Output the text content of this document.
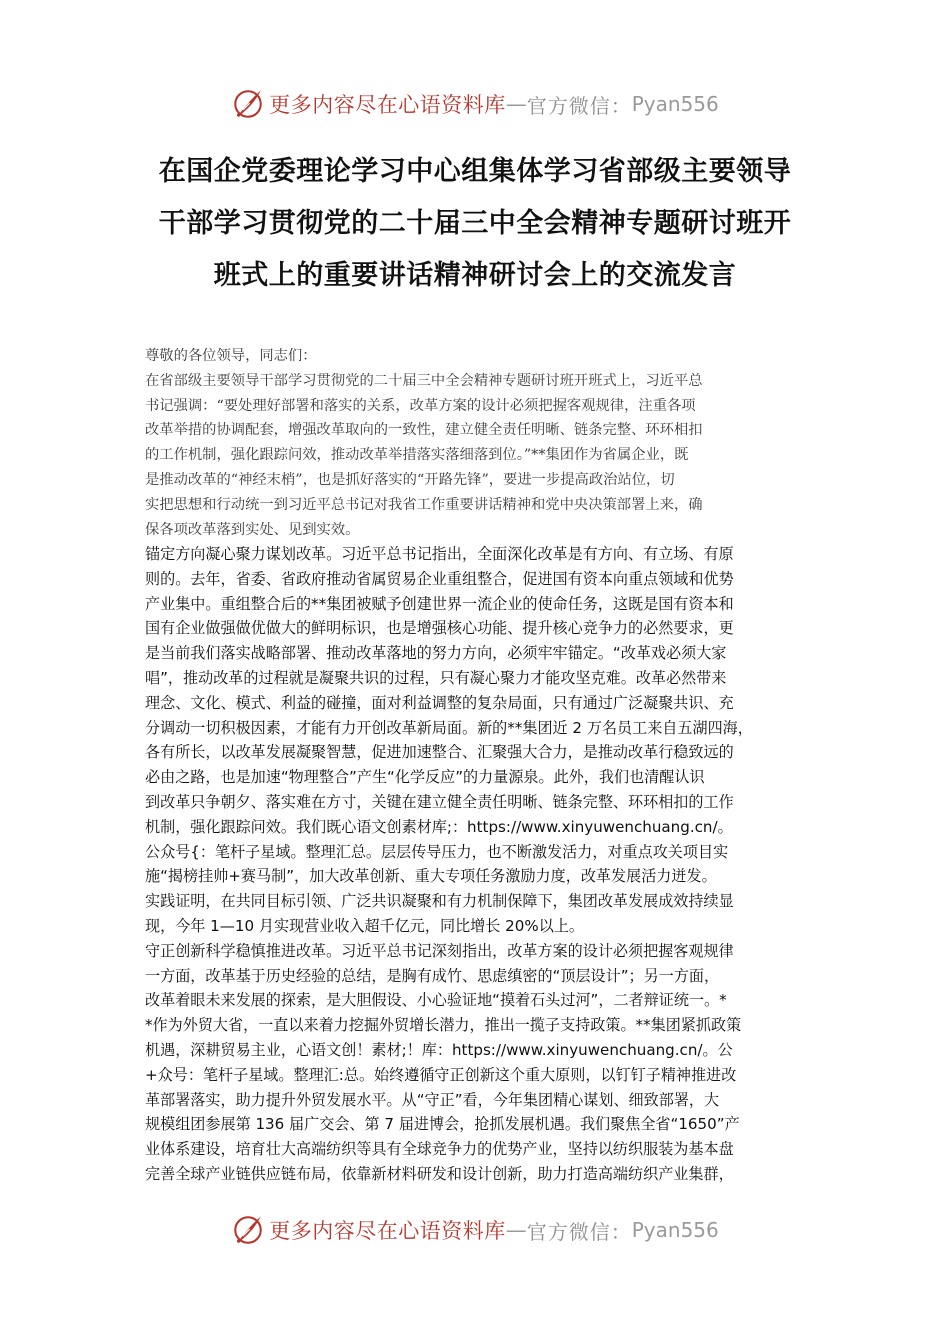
更多内容尽在心语资料库 — 官方微信： Pyan556
在国企党委理论学习中心组集体学习省部级主要领导
干部学习贯彻党的二十届三中全会精神专题研讨班开
班式上的重要讲话精神研讨会上的交流发言
尊敬的各位领导，同志们：
在省部级主要领导干部学习贯彻党的二十届三中全会精神专题研讨班开班式上，习近平总
书记强调：“要处理好部署和落实的关系，改革方案的设计必须把握客观规律，注重各项
改革举措的协调配套，增强改革取向的一致性，建立健全责任明晰、链条完整、环环相扣
的工作机制，强化跟踪问效，推动改革举措落实落细落到位。”**集团作为省属企业，既
是推动改革的“神经末梢”，也是抓好落实的“开路先锋”，要进一步提高政治站位，切
实把思想和行动统一到习近平总书记对我省工作重要讲话精神和党中央决策部署上来，确
保各项改革落到实处、见到实效。
锚定方向凝心聚力谋划改革。习近平总书记指出，全面深化改革是有方向、有立场、有原
则的。去年，省委、省政府推动省属贸易企业重组整合，促进国有资本向重点领域和优势
产业集中。重组整合后的**集团被赋予创建世界一流企业的使命任务，这既是国有资本和
国有企业做强做优做大的鲜明标识，也是增强核心功能、提升核心竞争力的必然要求，更
是当前我们落实战略部署、推动改革落地的努力方向，必须牢牢锚定。“改革戏必须大家
唱”，推动改革的过程就是凝聚共识的过程，只有凝心聚力才能攻坚克难。改革必然带来
理念、文化、模式、利益的碰撞，面对利益调整的复杂局面，只有通过广泛凝聚共识、充
分调动一切积极因素，才能有力开创改革新局面。新的**集团近 2 万名员工来自五湖四海，
各有所长，以改革发展凝聚智慧，促进加速整合、汇聚强大合力，是推动改革行稳致远的
必由之路，也是加速“物理整合”产生“化学反应”的力量源泉。此外，我们也清醒认识
到改革只争朝夕、落实难在方寸，关键在建立健全责任明晰、链条完整、环环相扣的工作
机制，强化跟踪问效。我们既心语文创素材库;：https://www.xinyuwenchuang.cn/。
公众号{：笔杆子星域。整理汇总。层层传导压力，也不断激发活力，对重点攻关项目实
施“揭榜挂帅+赛马制”，加大改革创新、重大专项任务激励力度，改革发展活力迸发。
实践证明，在共同目标引领、广泛共识凝聚和有力机制保障下，集团改革发展成效持续显
现，今年 1—10 月实现营业收入超千亿元，同比增长 20%以上。
守正创新科学稳慎推进改革。习近平总书记深刻指出，改革方案的设计必须把握客观规律
一方面，改革基于历史经验的总结，是胸有成竹、思虑缜密的“顶层设计”；另一方面，
改革着眼未来发展的探索，是大胆假设、小心验证地“摸着石头过河”，二者辩证统一。*
*作为外贸大省，一直以来着力挖掘外贸增长潜力，推出一揽子支持政策。**集团紧抓政策
机遇，深耕贸易主业，心语文创！素材;！库：https://www.xinyuwenchuang.cn/。公
+众号：笔杆子星域。整理汇:总。始终遵循守正创新这个重大原则，以钉钉子精神推进改
革部署落实，助力提升外贸发展水平。从“守正”看，今年集团精心谋划、细致部署，大
规模组团参展第 136 届广交会、第 7 届进博会，抢抓发展机遇。我们聚焦全省“1650”产
业体系建设，培育壮大高端纺织等具有全球竞争力的优势产业，坚持以纺织服装为基本盘
完善全球产业链供应链布局，依靠新材料研发和设计创新，助力打造高端纺织产业集群，
更多内容尽在心语资料库 — 官方微信： Pyan556
